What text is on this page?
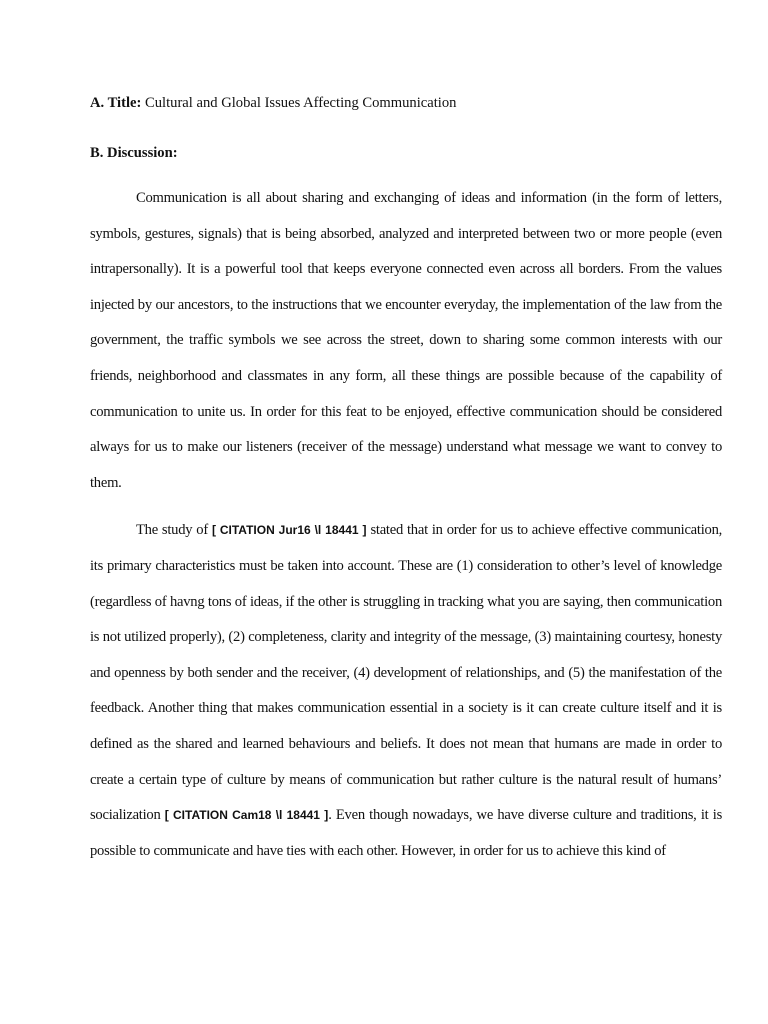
A. Title: Cultural and Global Issues Affecting Communication

B. Discussion:

Communication is all about sharing and exchanging of ideas and information (in the form of letters, symbols, gestures, signals) that is being absorbed, analyzed and interpreted between two or more people (even intrapersonally). It is a powerful tool that keeps everyone connected even across all borders. From the values injected by our ancestors, to the instructions that we encounter everyday, the implementation of the law from the government, the traffic symbols we see across the street, down to sharing some common interests with our friends, neighborhood and classmates in any form, all these things are possible because of the capability of communication to unite us. In order for this feat to be enjoyed, effective communication should be considered always for us to make our listeners (receiver of the message) understand what message we want to convey to them.

The study of [ CITATION Jur16 \l 18441 ] stated that in order for us to achieve effective communication, its primary characteristics must be taken into account. These are (1) consideration to other’s level of knowledge (regardless of havng tons of ideas, if the other is struggling in tracking what you are saying, then communication is not utilized properly), (2) completeness, clarity and integrity of the message, (3) maintaining courtesy, honesty and openness by both sender and the receiver, (4) development of relationships, and (5) the manifestation of the feedback. Another thing that makes communication essential in a society is it can create culture itself and it is defined as the shared and learned behaviours and beliefs. It does not mean that humans are made in order to create a certain type of culture by means of communication but rather culture is the natural result of humans’ socialization [ CITATION Cam18 \l 18441 ]. Even though nowadays, we have diverse culture and traditions, it is possible to communicate and have ties with each other. However, in order for us to achieve this kind of
